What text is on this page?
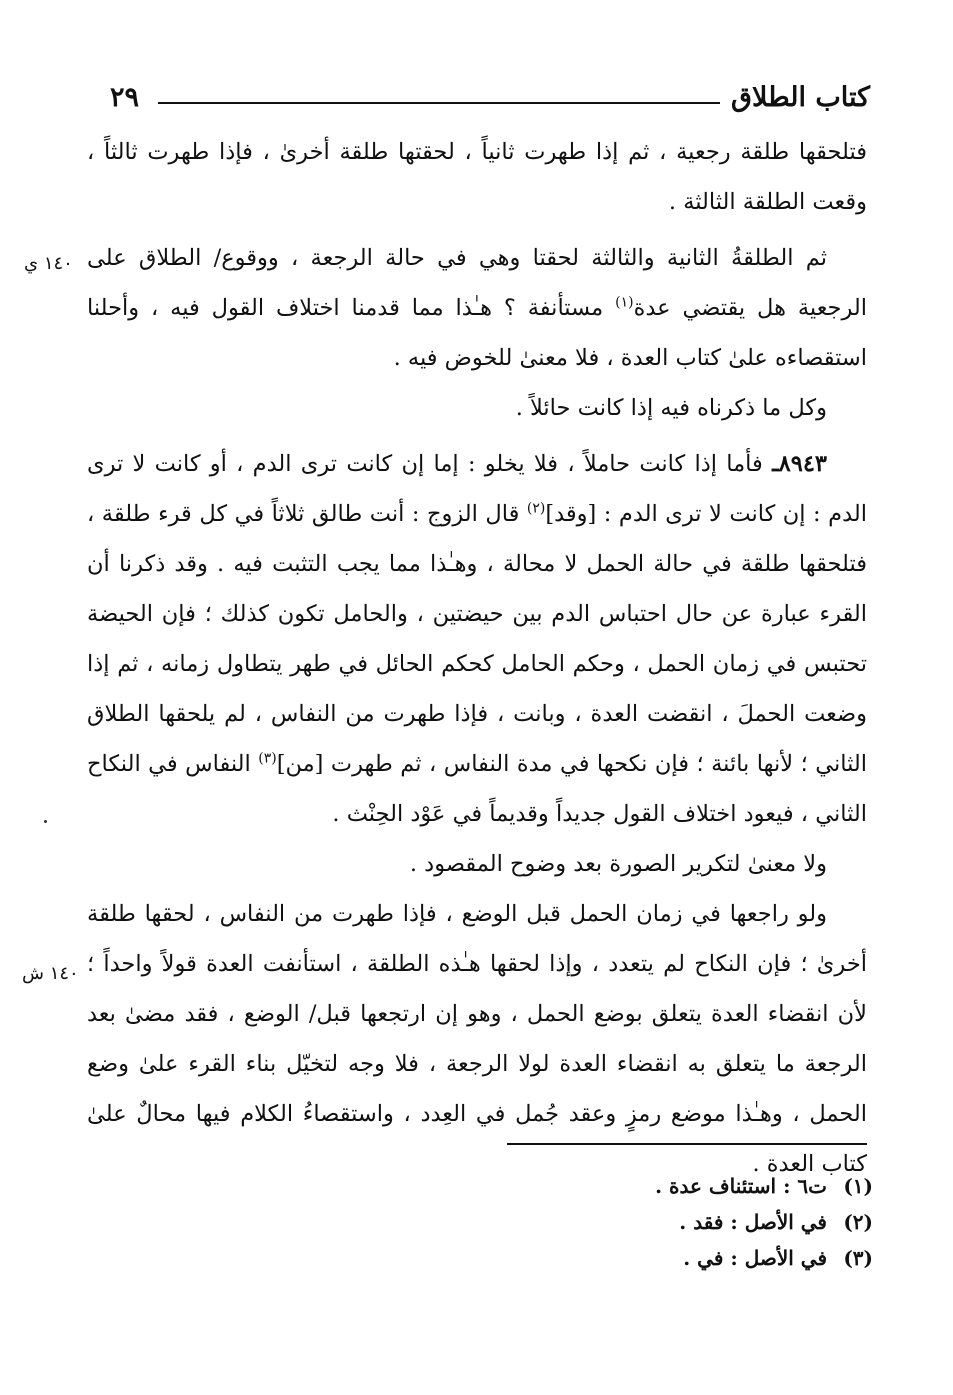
كتاب الطلاق
٢٩
١٤٠ ي
١٤٠ ش

فتلحقها طلقة رجعية ، ثم إذا طهرت ثانياً ، لحقتها طلقة أخرىٰ ، فإذا طهرت ثالثاً ، وقعت الطلقة الثالثة .

ثم الطلقةُ الثانية والثالثة لحقتا وهي في حالة الرجعة ، ووقوع/ الطلاق على الرجعية هل يقتضي عدة$^{(١)}$ مستأنفة ؟ هـٰذا مما قدمنا اختلاف القول فيه ، وأحلنا استقصاءه علىٰ كتاب العدة ، فلا معنىٰ للخوض فيه .

وكل ما ذكرناه فيه إذا كانت حائلاً .

٨٩٤٣ـ فأما إذا كانت حاملاً ، فلا يخلو : إما إن كانت ترى الدم ، أو كانت لا ترى الدم : إن كانت لا ترى الدم : [وقد]$^{(٢)}$ قال الزوج : أنت طالق ثلاثاً في كل قرء طلقة ، فتلحقها طلقة في حالة الحمل لا محالة ، وهـٰذا مما يجب التثبت فيه . وقد ذكرنا أن القرء عبارة عن حال احتباس الدم بين حيضتين ، والحامل تكون كذلك ؛ فإن الحيضة تحتبس في زمان الحمل ، وحكم الحامل كحكم الحائل في طهر يتطاول زمانه ، ثم إذا وضعت الحملَ ، انقضت العدة ، وبانت ، فإذا طهرت من النفاس ، لم يلحقها الطلاق الثاني ؛ لأنها بائنة ؛ فإن نكحها في مدة النفاس ، ثم طهرت [من]$^{(٣)}$ النفاس في النكاح الثاني ، فيعود اختلاف القول جديداً وقديماً في عَوْد الحِنْث .

ولا معنىٰ لتكرير الصورة بعد وضوح المقصود .

ولو راجعها في زمان الحمل قبل الوضع ، فإذا طهرت من النفاس ، لحقها طلقة أخرىٰ ؛ فإن النكاح لم يتعدد ، وإذا لحقها هـٰذه الطلقة ، استأنفت العدة قولاً واحداً ؛ لأن انقضاء العدة يتعلق بوضع الحمل ، وهو إن ارتجعها قبل/ الوضع ، فقد مضىٰ بعد الرجعة ما يتعلق به انقضاء العدة لولا الرجعة ، فلا وجه لتخيّل بناء القرء علىٰ وضع الحمل ، وهـٰذا موضع رمزٍ وعقد جُمل في العِدد ، واستقصاءُ الكلام فيها محالٌ علىٰ كتاب العدة .

(١)
ت٦ : استئناف عدة .
(٢)
في الأصل : فقد .
(٣)
في الأصل : في .
